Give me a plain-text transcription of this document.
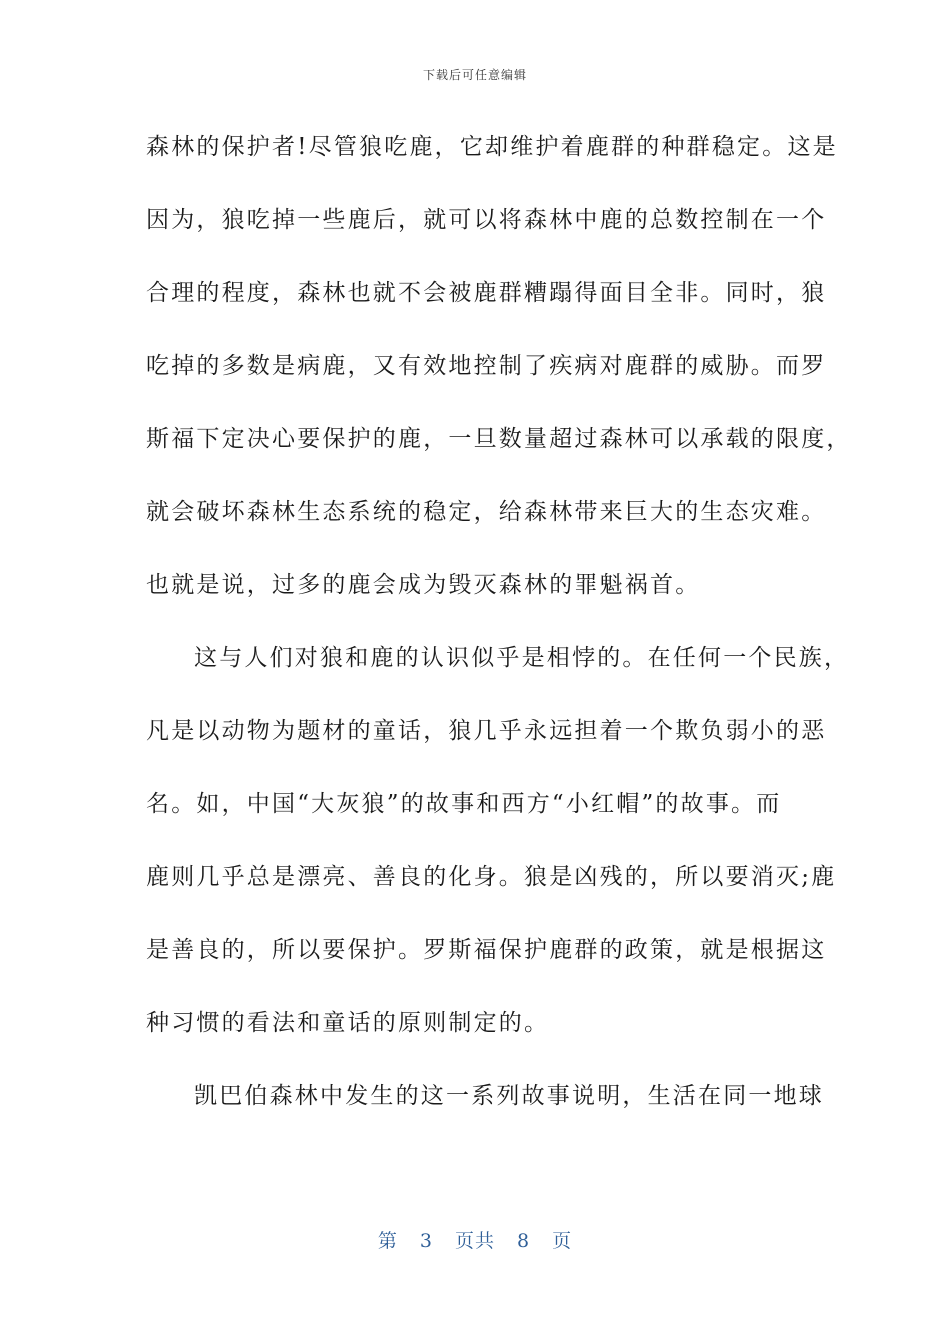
下载后可任意编辑
森林的保护者!尽管狼吃鹿，它却维护着鹿群的种群稳定。这是
因为，狼吃掉一些鹿后，就可以将森林中鹿的总数控制在一个
合理的程度，森林也就不会被鹿群糟蹋得面目全非。同时，狼
吃掉的多数是病鹿，又有效地控制了疾病对鹿群的威胁。而罗
斯福下定决心要保护的鹿，一旦数量超过森林可以承载的限度，
就会破坏森林生态系统的稳定，给森林带来巨大的生态灾难。
也就是说，过多的鹿会成为毁灭森林的罪魁祸首。
这与人们对狼和鹿的认识似乎是相悖的。在任何一个民族，
凡是以动物为题材的童话，狼几乎永远担着一个欺负弱小的恶
名。如，中国“大灰狼”的故事和西方“小红帽”的故事。而
鹿则几乎总是漂亮、善良的化身。狼是凶残的，所以要消灭;鹿
是善良的，所以要保护。罗斯福保护鹿群的政策，就是根据这
种习惯的看法和童话的原则制定的。
凯巴伯森林中发生的这一系列故事说明，生活在同一地球
第 3 页共 8 页
